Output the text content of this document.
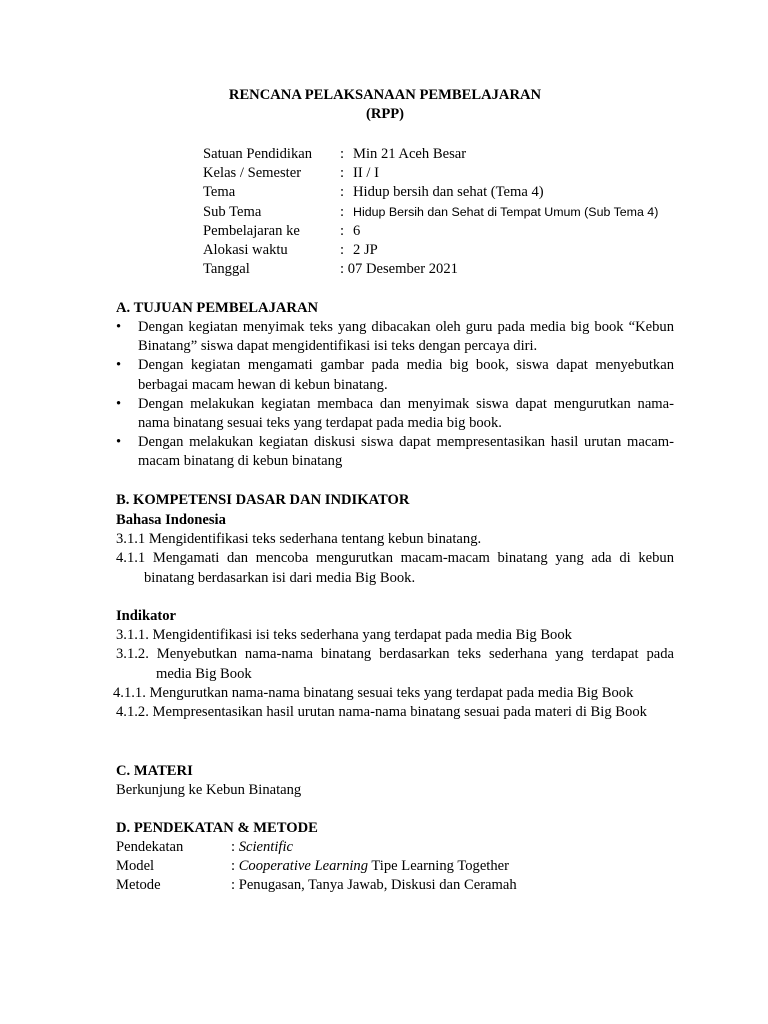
RENCANA PELAKSANAAN PEMBELAJARAN
(RPP)
Satuan Pendidikan : Min 21 Aceh Besar
Kelas / Semester	: II / I
Tema	: Hidup bersih dan sehat (Tema 4)
Sub Tema	: Hidup Bersih dan Sehat di Tempat Umum (Sub Tema 4)
Pembelajaran ke	: 6
Alokasi waktu	: 2 JP
Tanggal	: 07 Desember 2021
A. TUJUAN PEMBELAJARAN
• Dengan kegiatan menyimak teks yang dibacakan oleh guru pada media big book “Kebun Binatang” siswa dapat mengidentifikasi isi teks dengan percaya diri.
• Dengan kegiatan mengamati gambar pada media big book, siswa dapat menyebutkan berbagai macam hewan di kebun binatang.
• Dengan melakukan kegiatan membaca dan menyimak siswa dapat mengurutkan nama-nama binatang sesuai teks yang terdapat pada media big book.
• Dengan melakukan kegiatan diskusi siswa dapat mempresentasikan hasil urutan macam-macam binatang di kebun binatang
B. KOMPETENSI DASAR DAN INDIKATOR
Bahasa Indonesia
3.1.1 Mengidentifikasi teks sederhana tentang kebun binatang.
4.1.1 Mengamati dan mencoba mengurutkan macam-macam binatang yang ada di kebun binatang berdasarkan isi dari media Big Book.
Indikator
3.1.1. Mengidentifikasi isi teks sederhana yang terdapat pada media Big Book
3.1.2. Menyebutkan nama-nama binatang berdasarkan teks sederhana yang terdapat pada media Big Book
4.1.1. Mengurutkan nama-nama binatang sesuai teks yang terdapat pada media Big Book
4.1.2. Mempresentasikan hasil urutan nama-nama binatang sesuai pada materi di Big Book
C. MATERI
Berkunjung ke Kebun Binatang
D. PENDEKATAN & METODE
Pendekatan	: Scientific
Model	: Cooperative Learning Tipe Learning Together
Metode	: Penugasan, Tanya Jawab, Diskusi dan Ceramah
